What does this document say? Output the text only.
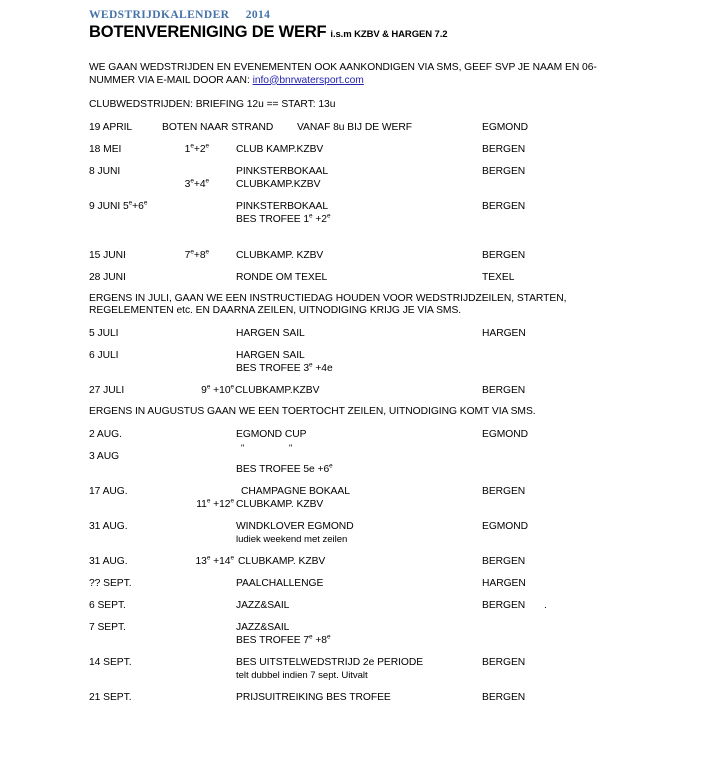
WEDSTRIJDKALENDER     2014
BOTENVERENIGING DE WERF i.s.m KZBV & HARGEN 7.2
WE GAAN WEDSTRIJDEN EN EVENEMENTEN OOK AANKONDIGEN VIA SMS, GEEF SVP JE NAAM EN 06-NUMMER VIA E-MAIL DOOR AAN: info@bnrwatersport.com
CLUBWEDSTRIJDEN: BRIEFING 12u == START: 13u
19 APRIL	BOTEN NAAR STRAND VANAF 8u BIJ DE WERF	EGMOND
18 MEI	$1^e+2^e$	CLUB KAMP.KZBV	BERGEN
8 JUNI	PINKSTERBOKAAL	BERGEN
$3^e+4^e$	CLUBKAMP.KZBV
9 JUNI $5^e+6^e$	PINKSTERBOKAAL	BERGEN
BES TROFEE $1^e +2^e$
15 JUNI	$7^e+8^e$	CLUBKAMP. KZBV	BERGEN
28 JUNI	RONDE OM TEXEL	TEXEL
ERGENS IN JULI, GAAN WE EEN INSTRUCTIEDAG HOUDEN VOOR WEDSTRIJDZEILEN, STARTEN, REGELEMENTEN etc. EN DAARNA ZEILEN, UITNODIGING KRIJG JE VIA SMS.
5 JULI	HARGEN SAIL	HARGEN
6 JULI	HARGEN SAIL
BES TROFEE $3^e +4e$
27 JULI	$9^e +10^e$ CLUBKAMP.KZBV	BERGEN
ERGENS IN AUGUSTUS GAAN WE EEN TOERTOCHT ZEILEN, UITNODIGING KOMT VIA SMS.
2 AUG.	EGMOND CUP	EGMOND
3 AUG
"	"
BES TROFEE $5e +6^e$
17 AUG.	CHAMPAGNE BOKAAL	BERGEN
$11^e +12^e$ CLUBKAMP. KZBV
31 AUG.	WINDKLOVER EGMOND	EGMOND
ludiek weekend met zeilen
31 AUG.	$13^e +14^e$ CLUBKAMP. KZBV	BERGEN
?? SEPT.	PAALCHALLENGE	HARGEN
6 SEPT.	JAZZ&SAIL	BERGEN .
7 SEPT.	JAZZ&SAIL
BES TROFEE $7^e +8^e$
14 SEPT.	BES UITSTELWEDSTRIJD 2e PERIODE	BERGEN
telt dubbel indien 7 sept. Uitvalt
21 SEPT.	PRIJSUITREIKING BES TROFEE	BERGEN
